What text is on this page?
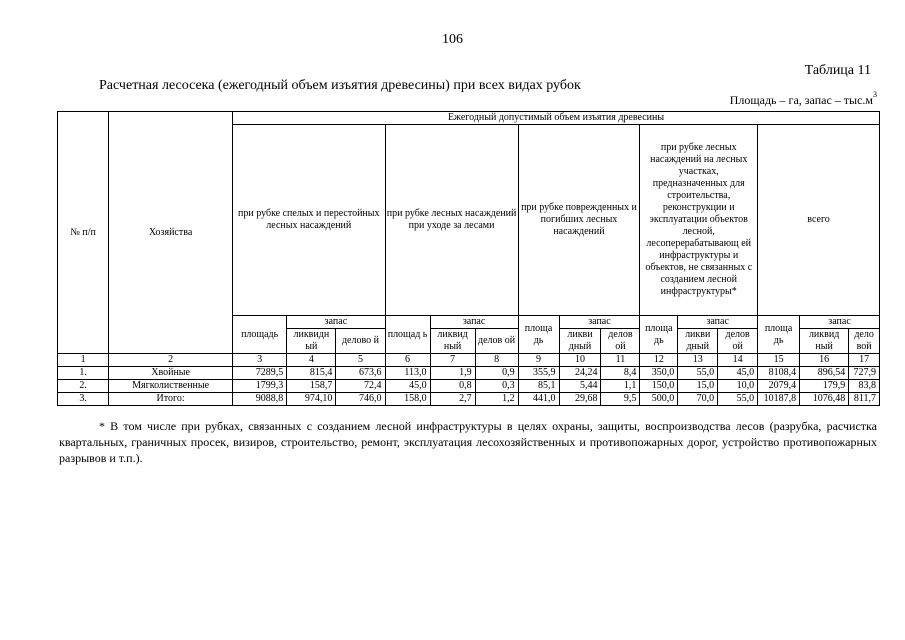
106
Таблица 11
Расчетная лесосека (ежегодный объем изъятия древесины) при всех видах рубок
Площадь – га, запас – $тыс.м^3$
№ п/п	Хозяйства	Ежегодный допустимый объем изъятия древесины														
		при рубке спелых и перестойных лесных насаждений			при рубке лесных насаждений при уходе за лесами			при рубке поврежденных и погибших лесных насаждений			при рубке лесных насаждений на лесных участках, предназначенных для строительства, реконструкции и эксплуатации объектов лесной, лесоперерабатывающ ей инфраструктуры и объектов, не связанных с созданием лесной инфраструктуры*			всего		
		площадь	запас		площад ь	запас		площа дь	запас		площа дь	запас		площа дь	запас	
			ликвидн ый	делово й		ликвид ный	делов ой		ликви дный	делов ой		ликви дный	делов ой		ликвид ный	дело вой
1	2	3	4	5	6	7	8	9	10	11	12	13	14	15	16	17
1.	Хвойные	7289,5	815,4	673,6	113,0	1,9	0,9	355,9	24,24	8,4	350,0	55,0	45,0	8108,4	896,54	727,9
2.	Мягколиственные	1799,3	158,7	72,4	45,0	0,8	0,3	85,1	5,44	1,1	150,0	15,0	10,0	2079,4	179,9	83,8
3.	Итого:	9088,8	974,10	746,0	158,0	2,7	1,2	441,0	29,68	9,5	500,0	70,0	55,0	10187,8	1076,48	811,7
* В том числе при рубках, связанных с созданием лесной инфраструктуры в целях охраны, защиты, воспроизводства лесов (разрубка, расчистка квартальных, граничных просек, визиров, строительство, ремонт, эксплуатация лесохозяйственных и противопожарных дорог, устройство противопожарных разрывов и т.п.).
